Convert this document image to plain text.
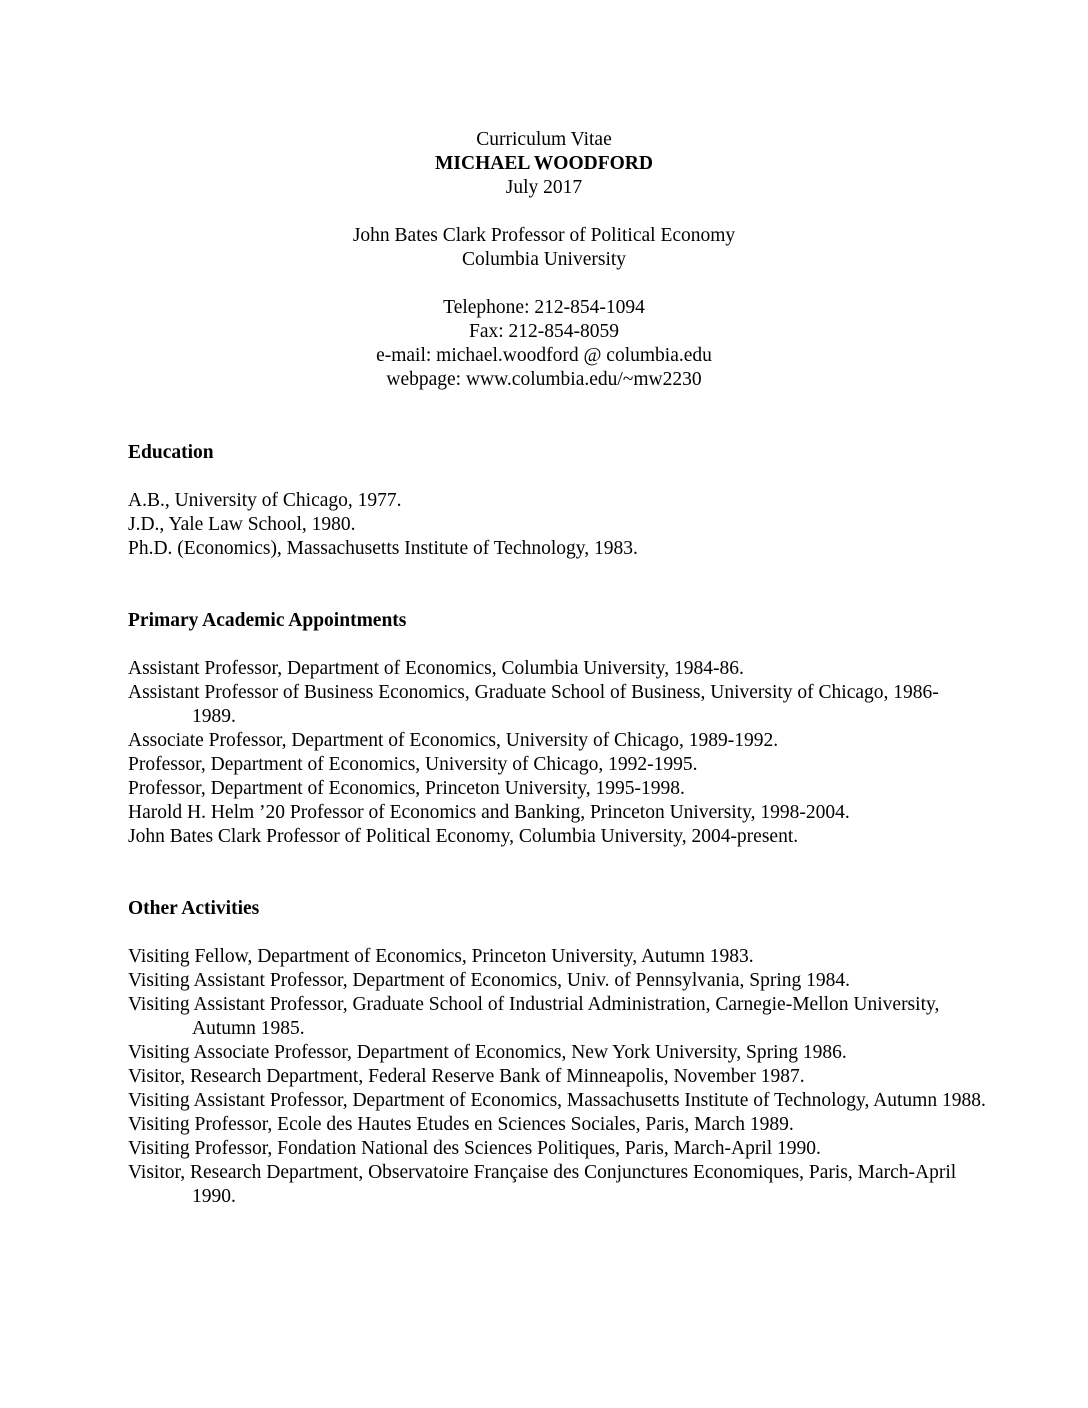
Curriculum Vitae
MICHAEL WOODFORD
July 2017
John Bates Clark Professor of Political Economy
Columbia University
Telephone: 212-854-1094
Fax: 212-854-8059
e-mail: michael.woodford @ columbia.edu
webpage: www.columbia.edu/~mw2230
Education

A.B., University of Chicago, 1977.

J.D., Yale Law School, 1980.

Ph.D. (Economics), Massachusetts Institute of Technology, 1983.

Primary Academic Appointments

Assistant Professor, Department of Economics, Columbia University, 1984-86.

Assistant Professor of Business Economics, Graduate School of Business, University of Chicago, 1986-1989.

Associate Professor, Department of Economics, University of Chicago, 1989-1992.

Professor, Department of Economics, University of Chicago, 1992-1995.

Professor, Department of Economics, Princeton University, 1995-1998.

Harold H. Helm ’20 Professor of Economics and Banking, Princeton University, 1998-2004.

John Bates Clark Professor of Political Economy, Columbia University, 2004-present.

Other Activities

Visiting Fellow, Department of Economics, Princeton University, Autumn 1983.

Visiting Assistant Professor, Department of Economics, Univ. of Pennsylvania, Spring 1984.

Visiting Assistant Professor, Graduate School of Industrial Administration, Carnegie-Mellon University, Autumn 1985.

Visiting Associate Professor, Department of Economics, New York University, Spring 1986.

Visitor, Research Department, Federal Reserve Bank of Minneapolis, November 1987.

Visiting Assistant Professor, Department of Economics, Massachusetts Institute of Technology, Autumn 1988.

Visiting Professor, Ecole des Hautes Etudes en Sciences Sociales, Paris, March 1989.

Visiting Professor, Fondation National des Sciences Politiques, Paris, March-April 1990.

Visitor, Research Department, Observatoire Française des Conjunctures Economiques, Paris, March-April 1990.
